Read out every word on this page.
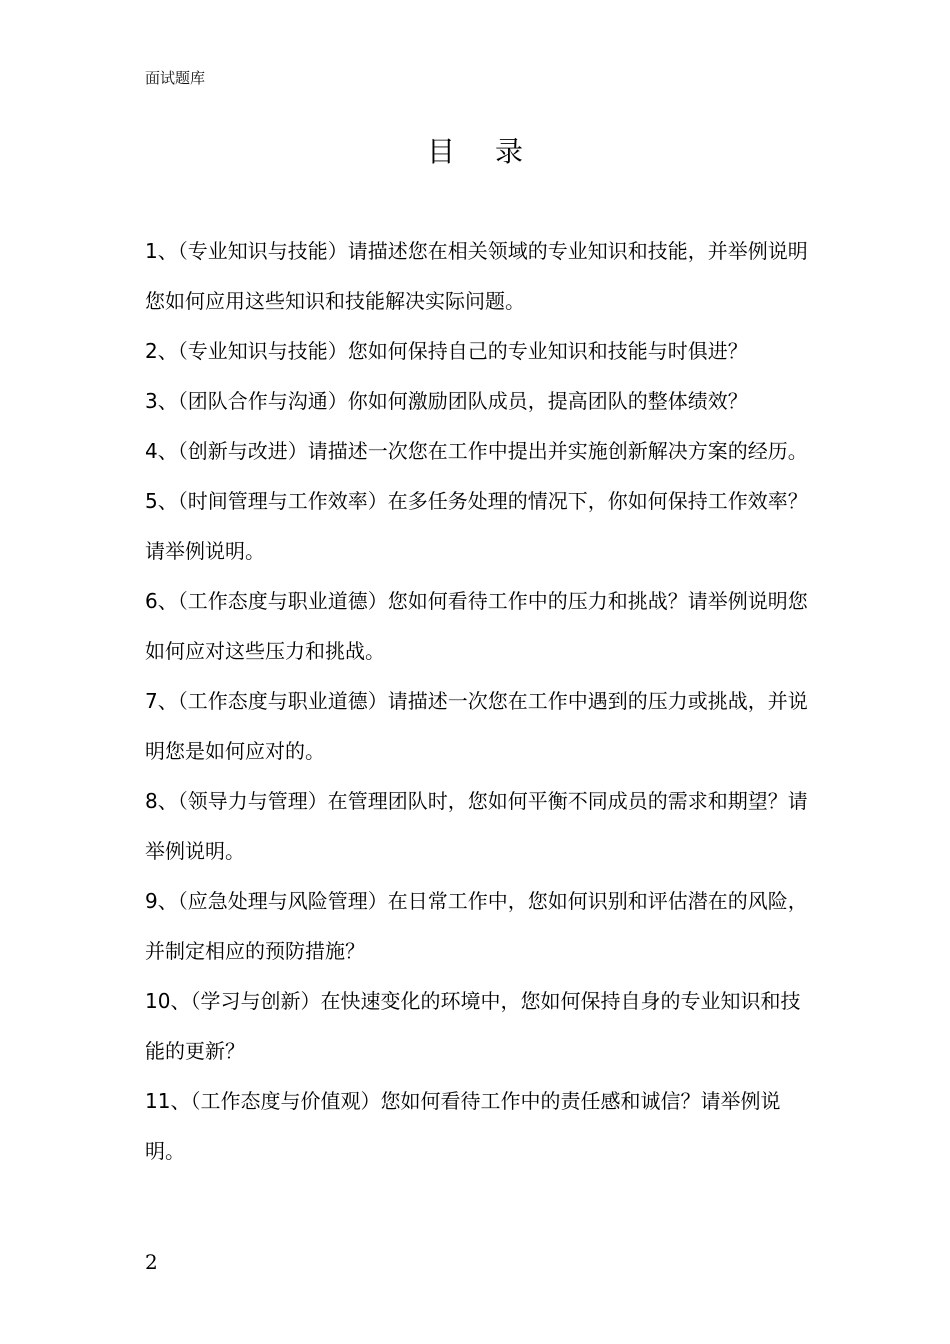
面试题库
目录
1、（专业知识与技能）请描述您在相关领域的专业知识和技能，并举例说明您如何应用这些知识和技能解决实际问题。
2、（专业知识与技能）您如何保持自己的专业知识和技能与时俱进？
3、（团队合作与沟通）你如何激励团队成员，提高团队的整体绩效？
4、（创新与改进）请描述一次您在工作中提出并实施创新解决方案的经历。
5、（时间管理与工作效率）在多任务处理的情况下，你如何保持工作效率？请举例说明。
6、（工作态度与职业道德）您如何看待工作中的压力和挑战？请举例说明您如何应对这些压力和挑战。
7、（工作态度与职业道德）请描述一次您在工作中遇到的压力或挑战，并说明您是如何应对的。
8、（领导力与管理）在管理团队时，您如何平衡不同成员的需求和期望？请举例说明。
9、（应急处理与风险管理）在日常工作中，您如何识别和评估潜在的风险，并制定相应的预防措施？
10、（学习与创新）在快速变化的环境中，您如何保持自身的专业知识和技能的更新？
11、（工作态度与价值观）您如何看待工作中的责任感和诚信？请举例说明。
2
